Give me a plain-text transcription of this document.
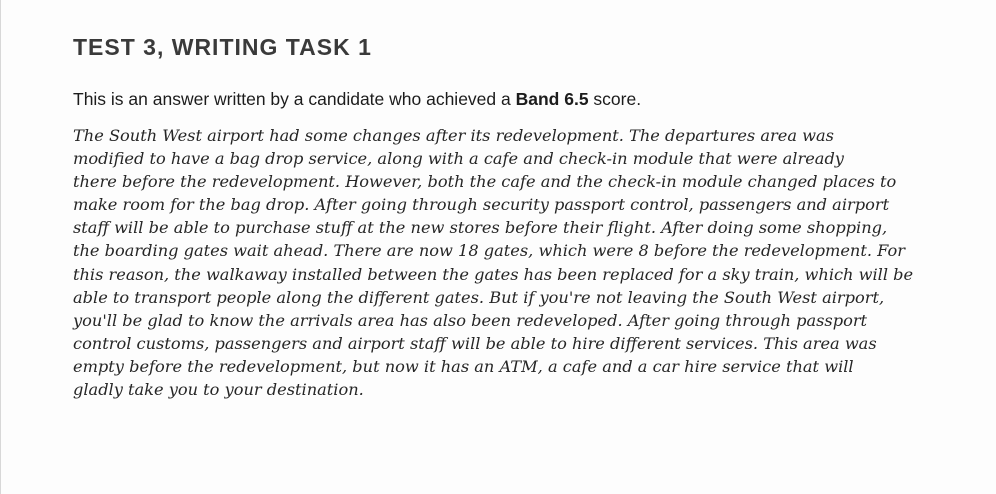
TEST 3, WRITING TASK 1

This is an answer written by a candidate who achieved a Band 6.5 score.

The South West airport had some changes after its redevelopment. The departures area was
modified to have a bag drop service, along with a cafe and check-in module that were already
there before the redevelopment. However, both the cafe and the check-in module changed places to
make room for the bag drop. After going through security passport control, passengers and airport
staff will be able to purchase stuff at the new stores before their flight. After doing some shopping,
the boarding gates wait ahead. There are now 18 gates, which were 8 before the redevelopment. For
this reason, the walkaway installed between the gates has been replaced for a sky train, which will be
able to transport people along the different gates. But if you're not leaving the South West airport,
you'll be glad to know the arrivals area has also been redeveloped. After going through passport
control customs, passengers and airport staff will be able to hire different services. This area was
empty before the redevelopment, but now it has an ATM, a cafe and a car hire service that will
gladly take you to your destination.
